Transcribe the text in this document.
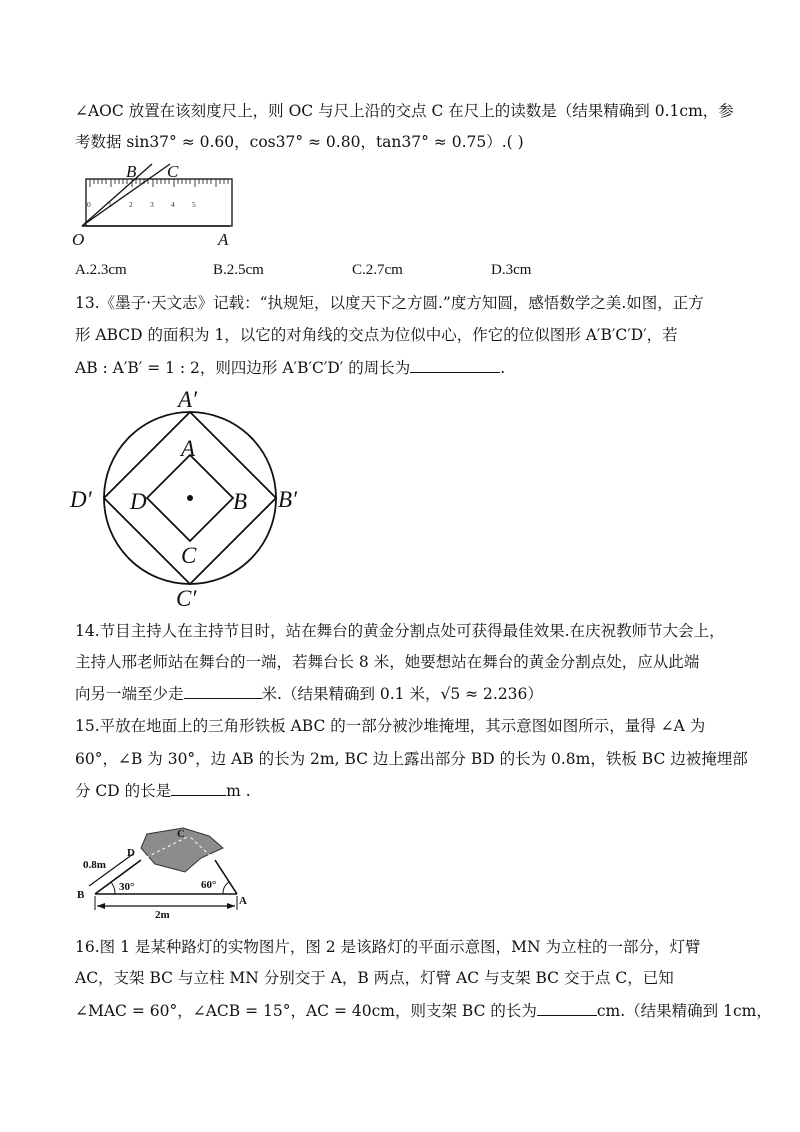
∠AOC 放置在该刻度尺上，则 OC 与尺上沿的交点 C 在尺上的读数是（结果精确到 0.1cm，参
考数据 sin37° ≈ 0.60，cos37° ≈ 0.80，tan37° ≈ 0.75）.( )
0 1 2 3 4 5
B C
O	A
A.2.3cm	B.2.5cm	C.2.7cm	D.3cm
13.《墨子·天文志》记载：“执规矩，以度天下之方圆.”度方知圆，感悟数学之美.如图，正方
形 ABCD 的面积为 1，以它的对角线的交点为位似中心，作它的位似图形 A′B′C′D′，若
AB : A′B′ = 1 : 2，则四边形 A′B′C′D′ 的周长为	.
A′
B′
C′
D′
A
B
C
D
14.节目主持人在主持节目时，站在舞台的黄金分割点处可获得最佳效果.在庆祝教师节大会上，
主持人邢老师站在舞台的一端，若舞台长 8 米，她要想站在舞台的黄金分割点处，应从此端
向另一端至少走	米.（结果精确到 0.1 米，√5 ≈ 2.236）
15.平放在地面上的三角形铁板 ABC 的一部分被沙堆掩埋，其示意图如图所示，量得 ∠A 为
60°，∠B 为 30°，边 AB 的长为 2m, BC 边上露出部分 BD 的长为 0.8m，铁板 BC 边被掩埋部
分 CD 的长是	m .
C
D
B	A
0.8m
30°	60°
2m
16.图 1 是某种路灯的实物图片，图 2 是该路灯的平面示意图，MN 为立柱的一部分，灯臂
AC，支架 BC 与立柱 MN 分别交于 A，B 两点，灯臂 AC 与支架 BC 交于点 C，已知
∠MAC = 60°，∠ACB = 15°，AC = 40cm，则支架 BC 的长为	cm.（结果精确到 1cm，
